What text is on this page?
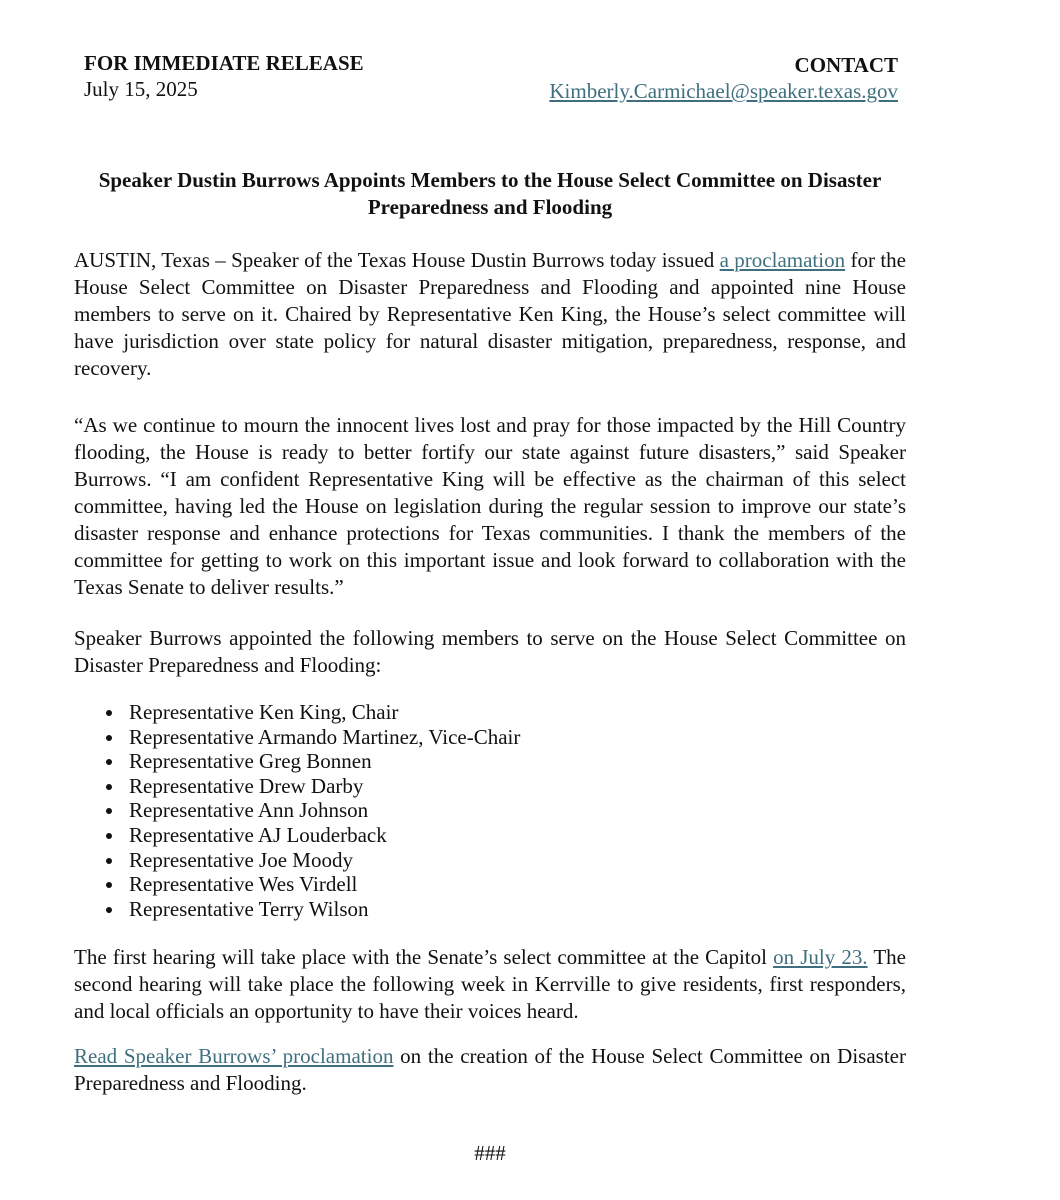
FOR IMMEDIATE RELEASE
July 15, 2025
CONTACT
Kimberly.Carmichael@speaker.texas.gov
Speaker Dustin Burrows Appoints Members to the House Select Committee on Disaster Preparedness and Flooding

AUSTIN, Texas – Speaker of the Texas House Dustin Burrows today issued a proclamation for the House Select Committee on Disaster Preparedness and Flooding and appointed nine House members to serve on it. Chaired by Representative Ken King, the House’s select committee will have jurisdiction over state policy for natural disaster mitigation, preparedness, response, and recovery.

“As we continue to mourn the innocent lives lost and pray for those impacted by the Hill Country flooding, the House is ready to better fortify our state against future disasters,” said Speaker Burrows. “I am confident Representative King will be effective as the chairman of this select committee, having led the House on legislation during the regular session to improve our state’s disaster response and enhance protections for Texas communities. I thank the members of the committee for getting to work on this important issue and look forward to collaboration with the Texas Senate to deliver results.”

Speaker Burrows appointed the following members to serve on the House Select Committee on Disaster Preparedness and Flooding:

Representative Ken King, Chair
Representative Armando Martinez, Vice-Chair
Representative Greg Bonnen
Representative Drew Darby
Representative Ann Johnson
Representative AJ Louderback
Representative Joe Moody
Representative Wes Virdell
Representative Terry Wilson

The first hearing will take place with the Senate’s select committee at the Capitol on July 23. The second hearing will take place the following week in Kerrville to give residents, first responders, and local officials an opportunity to have their voices heard.

Read Speaker Burrows’ proclamation on the creation of the House Select Committee on Disaster Preparedness and Flooding.

###
